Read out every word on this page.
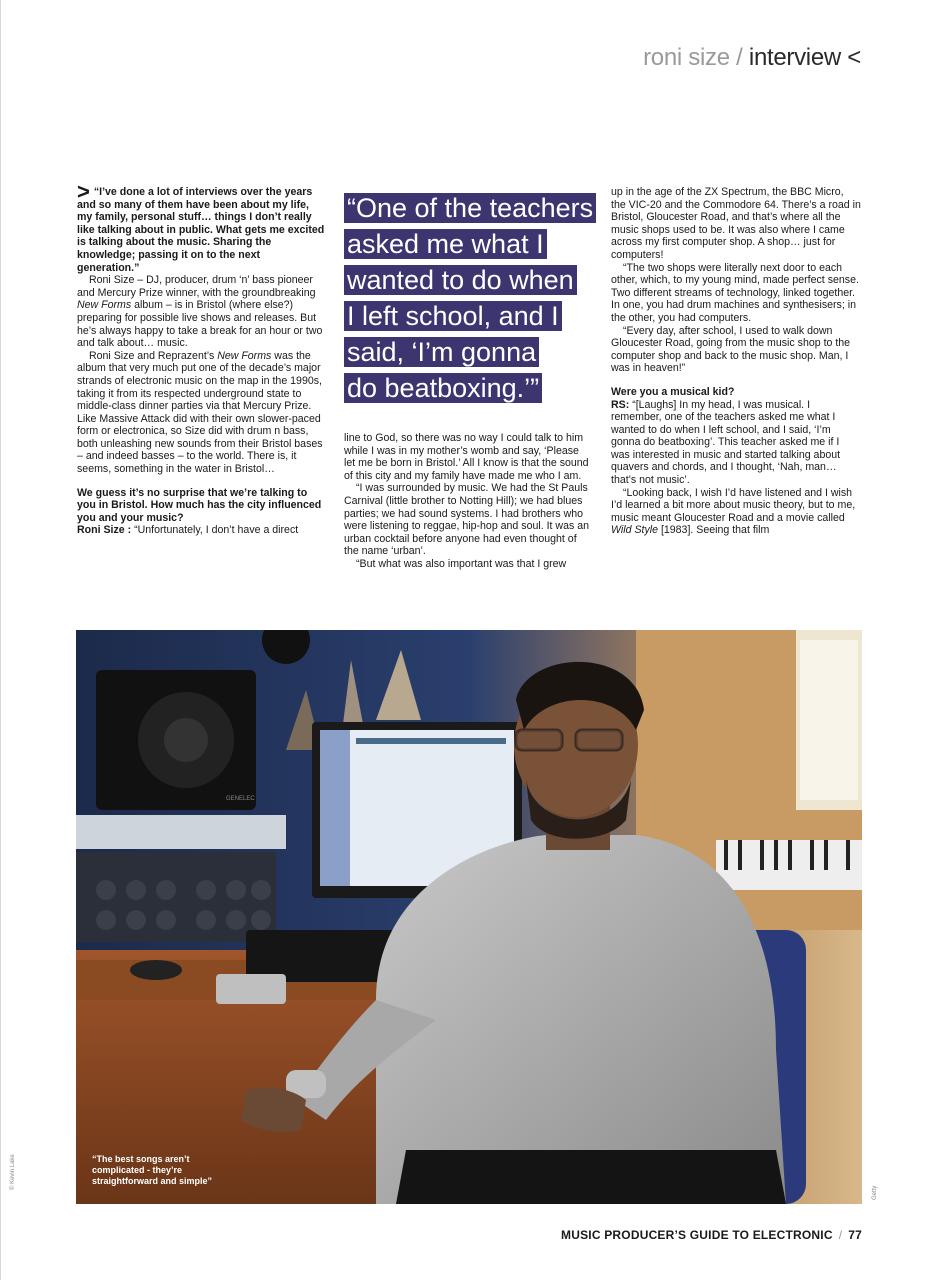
roni size / interview <

> “I’ve done a lot of interviews over the years and so many of them have been about my life, my family, personal stuff… things I don’t really like talking about in public. What gets me excited is talking about the music. Sharing the knowledge; passing it on to the next generation.”

Roni Size – DJ, producer, drum ‘n’ bass pioneer and Mercury Prize winner, with the groundbreaking New Forms album – is in Bristol (where else?) preparing for possible live shows and releases. But he’s always happy to take a break for an hour or two and talk about… music.

Roni Size and Reprazent’s New Forms was the album that very much put one of the decade’s major strands of electronic music on the map in the 1990s, taking it from its respected underground state to middle-class dinner parties via that Mercury Prize. Like Massive Attack did with their own slower-paced form or electronica, so Size did with drum n bass, both unleashing new sounds from their Bristol bases – and indeed basses – to the world. There is, it seems, something in the water in Bristol…

We guess it’s no surprise that we’re talking to you in Bristol. How much has the city influenced you and your music?

Roni Size : “Unfortunately, I don’t have a direct

“One of the teachers
asked me what I
wanted to do when
I left school, and I
said, ‘I’m gonna
do beatboxing.’”

line to God, so there was no way I could talk to him while I was in my mother’s womb and say, ‘Please let me be born in Bristol.’ All I know is that the sound of this city and my family have made me who I am.

“I was surrounded by music. We had the St Pauls Carnival (little brother to Notting Hill); we had blues parties; we had sound systems. I had brothers who were listening to reggae, hip-hop and soul. It was an urban cocktail before anyone had even thought of the name ‘urban’.

“But what was also important was that I grew

up in the age of the ZX Spectrum, the BBC Micro, the VIC-20 and the Commodore 64. There’s a road in Bristol, Gloucester Road, and that’s where all the music shops used to be. It was also where I came across my first computer shop. A shop… just for computers!

“The two shops were literally next door to each other, which, to my young mind, made perfect sense. Two different streams of technology, linked together. In one, you had drum machines and synthesisers; in the other, you had computers.

“Every day, after school, I used to walk down Gloucester Road, going from the music shop to the computer shop and back to the music shop. Man, I was in heaven!”

Were you a musical kid?

RS: “[Laughs] In my head, I was musical. I remember, one of the teachers asked me what I wanted to do when I left school, and I said, ‘I’m gonna do beatboxing’. This teacher asked me if I was interested in music and started talking about quavers and chords, and I thought, ‘Nah, man… that’s not music’.

“Looking back, I wish I’d have listened and I wish I’d learned a bit more about music theory, but to me, music meant Gloucester Road and a movie called Wild Style [1983]. Seeing that film

GENELEC
“The best songs aren’t complicated - they’re straightforward and simple”
© Kevin Lake
Getty
MUSIC PRODUCER’S GUIDE TO ELECTRONIC / 77
